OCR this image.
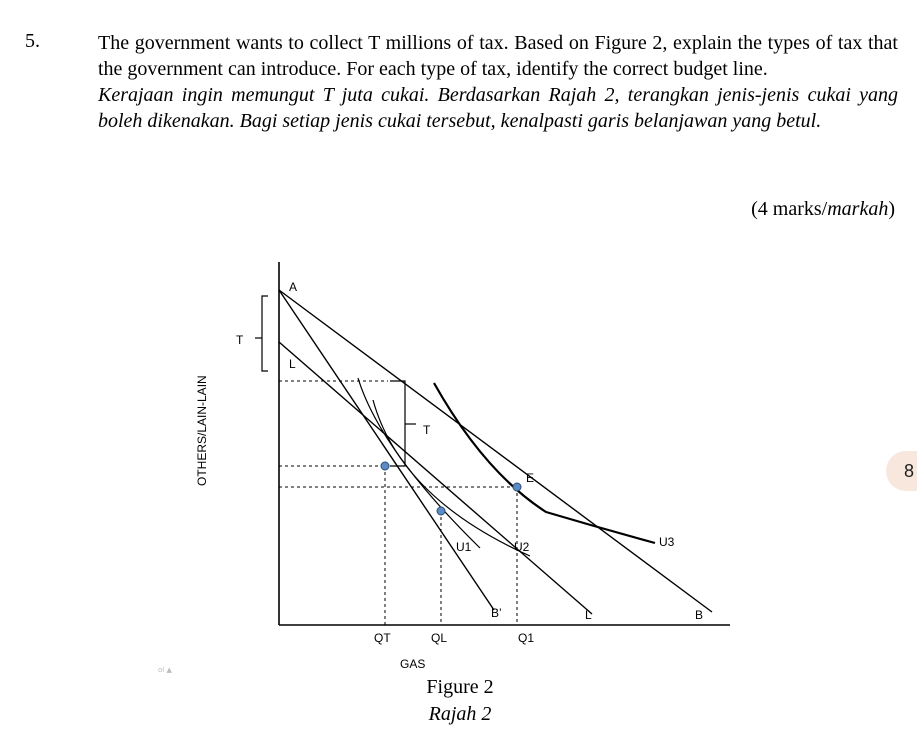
5.	The government wants to collect T millions of tax. Based on Figure 2, explain the types of tax that the government can introduce. For each type of tax, identify the correct budget line.

Kerajaan ingin memungut T juta cukai. Berdasarkan Rajah 2, terangkan jenis-jenis cukai yang boleh dikenakan. Bagi setiap jenis cukai tersebut, kenalpasti garis belanjawan yang betul.

(4 marks/markah)
8
A
L
T
T
E
U1	U2	U3
B’	L	B
QT	QL	Q1
GAS
OTHERS/LAIN-LAIN
ol ▲
Figure 2
Rajah 2
